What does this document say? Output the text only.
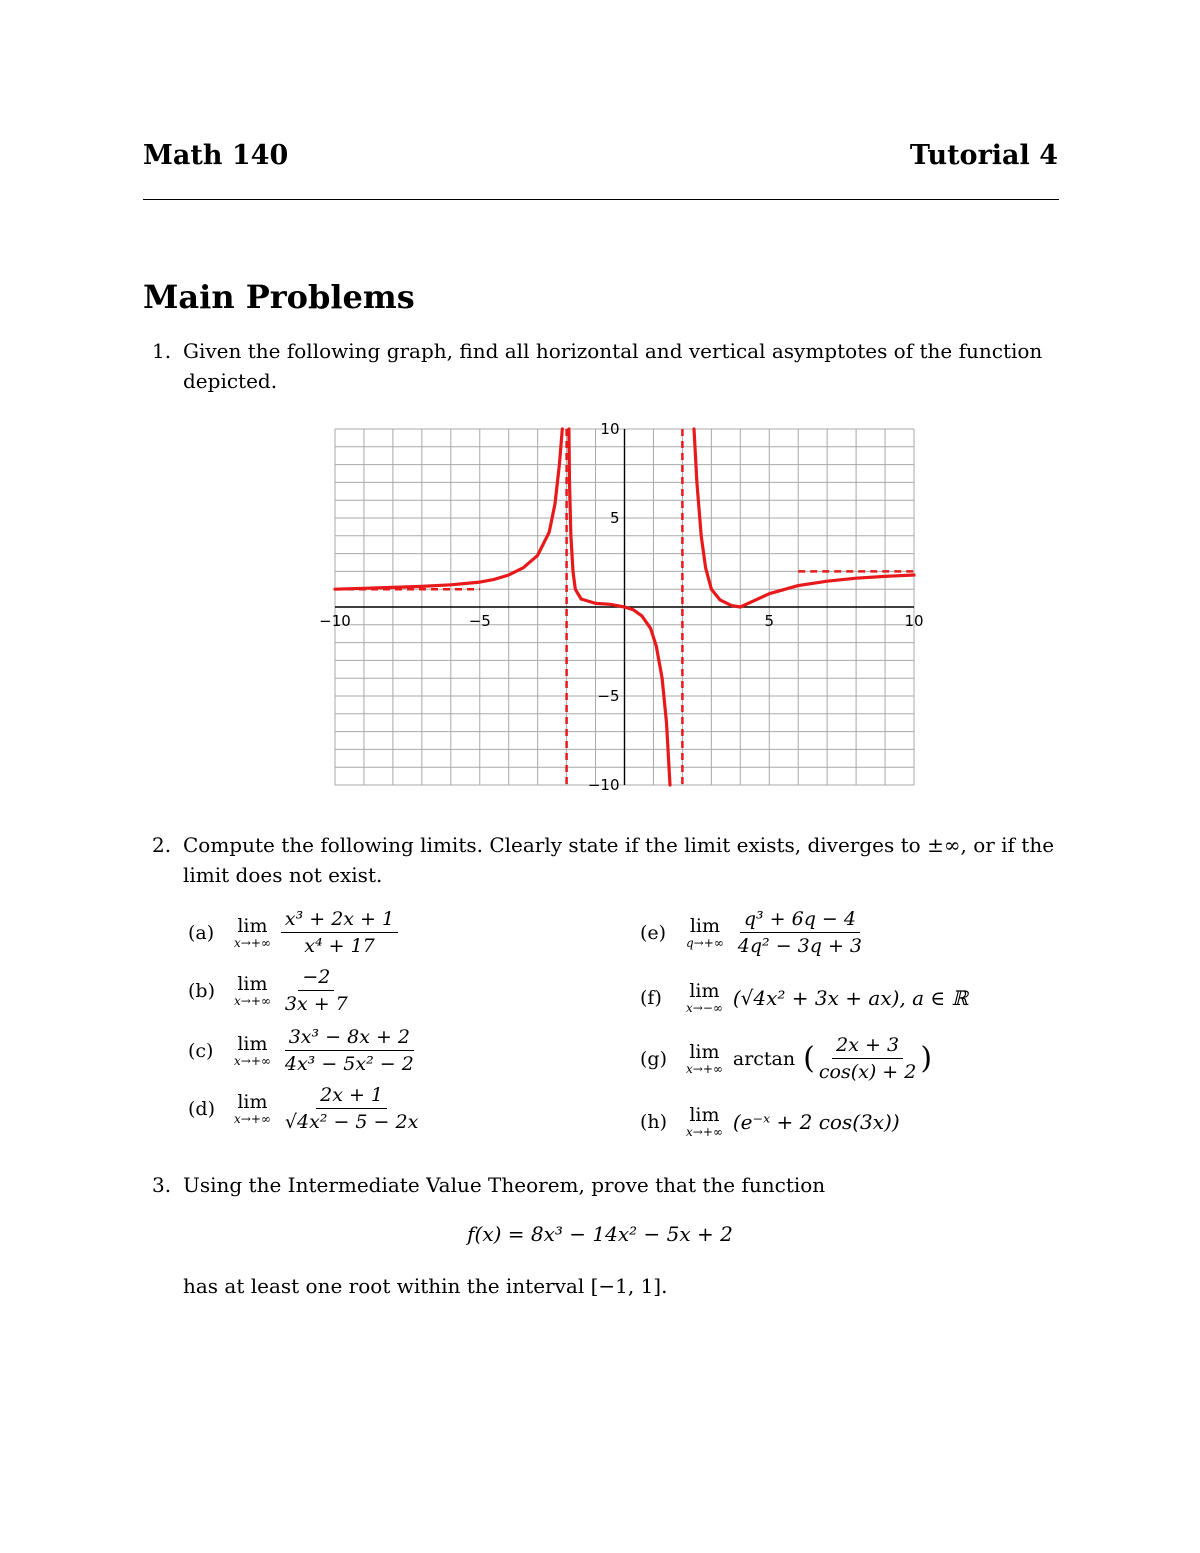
Math 140	Tutorial 4
Main Problems
1. Given the following graph, find all horizontal and vertical asymptotes of the function
depicted.
−10	−5	5	10
10
5
−5
−10
2. Compute the following limits. Clearly state if the limit exists, diverges to ±∞, or if the
limit does not exist.
(a)	lim
$x\to+\infty \frac{\text{x³ + 2x + 1}}{\text{x⁴ + 17}}$
(b)	lim
$x\to+\infty \frac{-2}{3x + 7}$
(c)	lim
$x\to+\infty \frac{\text{3x³ − 8x + 2}}{\text{4x³ − 5x² − 2}}$
(d)	lim
$x\to+\infty \frac{2x + 1}{\text{√4x² − 5 − 2x}}$
(e)	lim
$q\to+\infty \frac{\text{q³ + 6q − 4}}{\text{4q² − 3q + 3}}$
(f)	lim
x→−∞ (√4x² + 3x + ax), a ∈ ℝ
(g)	lim
x→+∞ arctan ( $\frac{2x + 3}{\cos(x) + 2}$ )
(h)	lim
x→+∞ (e⁻ˣ + 2 cos(3x))
3. Using the Intermediate Value Theorem, prove that the function
f(x) = 8x³ − 14x² − 5x + 2
has at least one root within the interval [−1, 1].
